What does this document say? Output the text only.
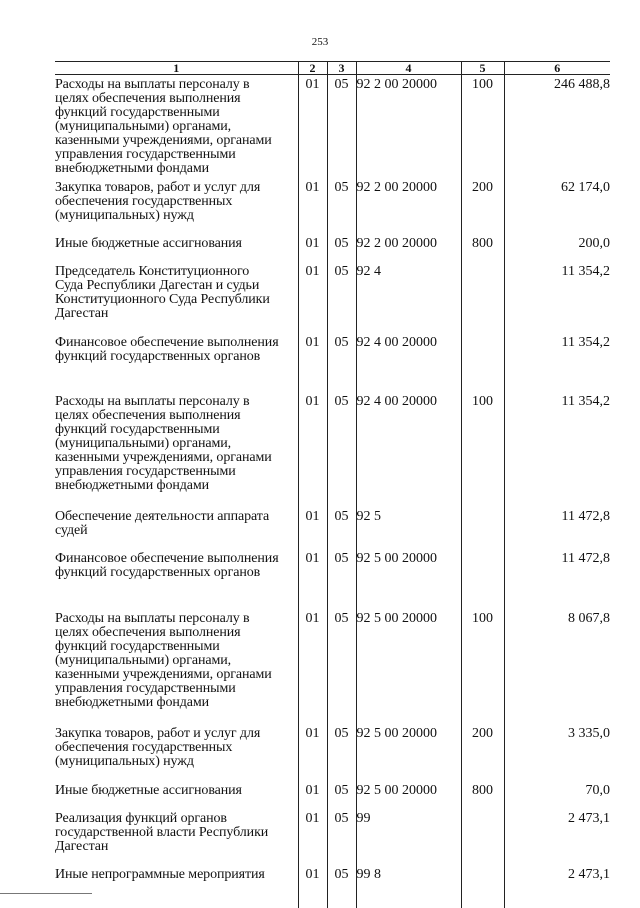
253
1	2	3	4	5	6

Расходы на выплаты персоналу в целях обеспечения выполнения функций государственными (муниципальными) органами, казенными учреждениями, органами управления государственными внебюджетными фондами	01	05	92 2 00 20000	100	246 488,8

Закупка товаров, работ и услуг для обеспечения государственных (муниципальных) нужд	01	05	92 2 00 20000	200	62 174,0

Иные бюджетные ассигнования	01	05	92 2 00 20000	800	200,0

Председатель Конституционного Суда Республики Дагестан и судьи Конституционного Суда Республики Дагестан	01	05	92 4		11 354,2

Финансовое обеспечение выполнения функций государственных органов	01	05	92 4 00 20000		11 354,2

Расходы на выплаты персоналу в целях обеспечения выполнения функций государственными (муниципальными) органами, казенными учреждениями, органами управления государственными внебюджетными фондами	01	05	92 4 00 20000	100	11 354,2

Обеспечение деятельности аппарата судей	01	05	92 5		11 472,8

Финансовое обеспечение выполнения функций государственных органов	01	05	92 5 00 20000		11 472,8

Расходы на выплаты персоналу в целях обеспечения выполнения функций государственными (муниципальными) органами, казенными учреждениями, органами управления государственными внебюджетными фондами	01	05	92 5 00 20000	100	8 067,8

Закупка товаров, работ и услуг для обеспечения государственных (муниципальных) нужд	01	05	92 5 00 20000	200	3 335,0

Иные бюджетные ассигнования	01	05	92 5 00 20000	800	70,0

Реализация функций органов государственной власти Республики Дагестан	01	05	99		2 473,1

Иные непрограммные мероприятия	01	05	99 8		2 473,1
